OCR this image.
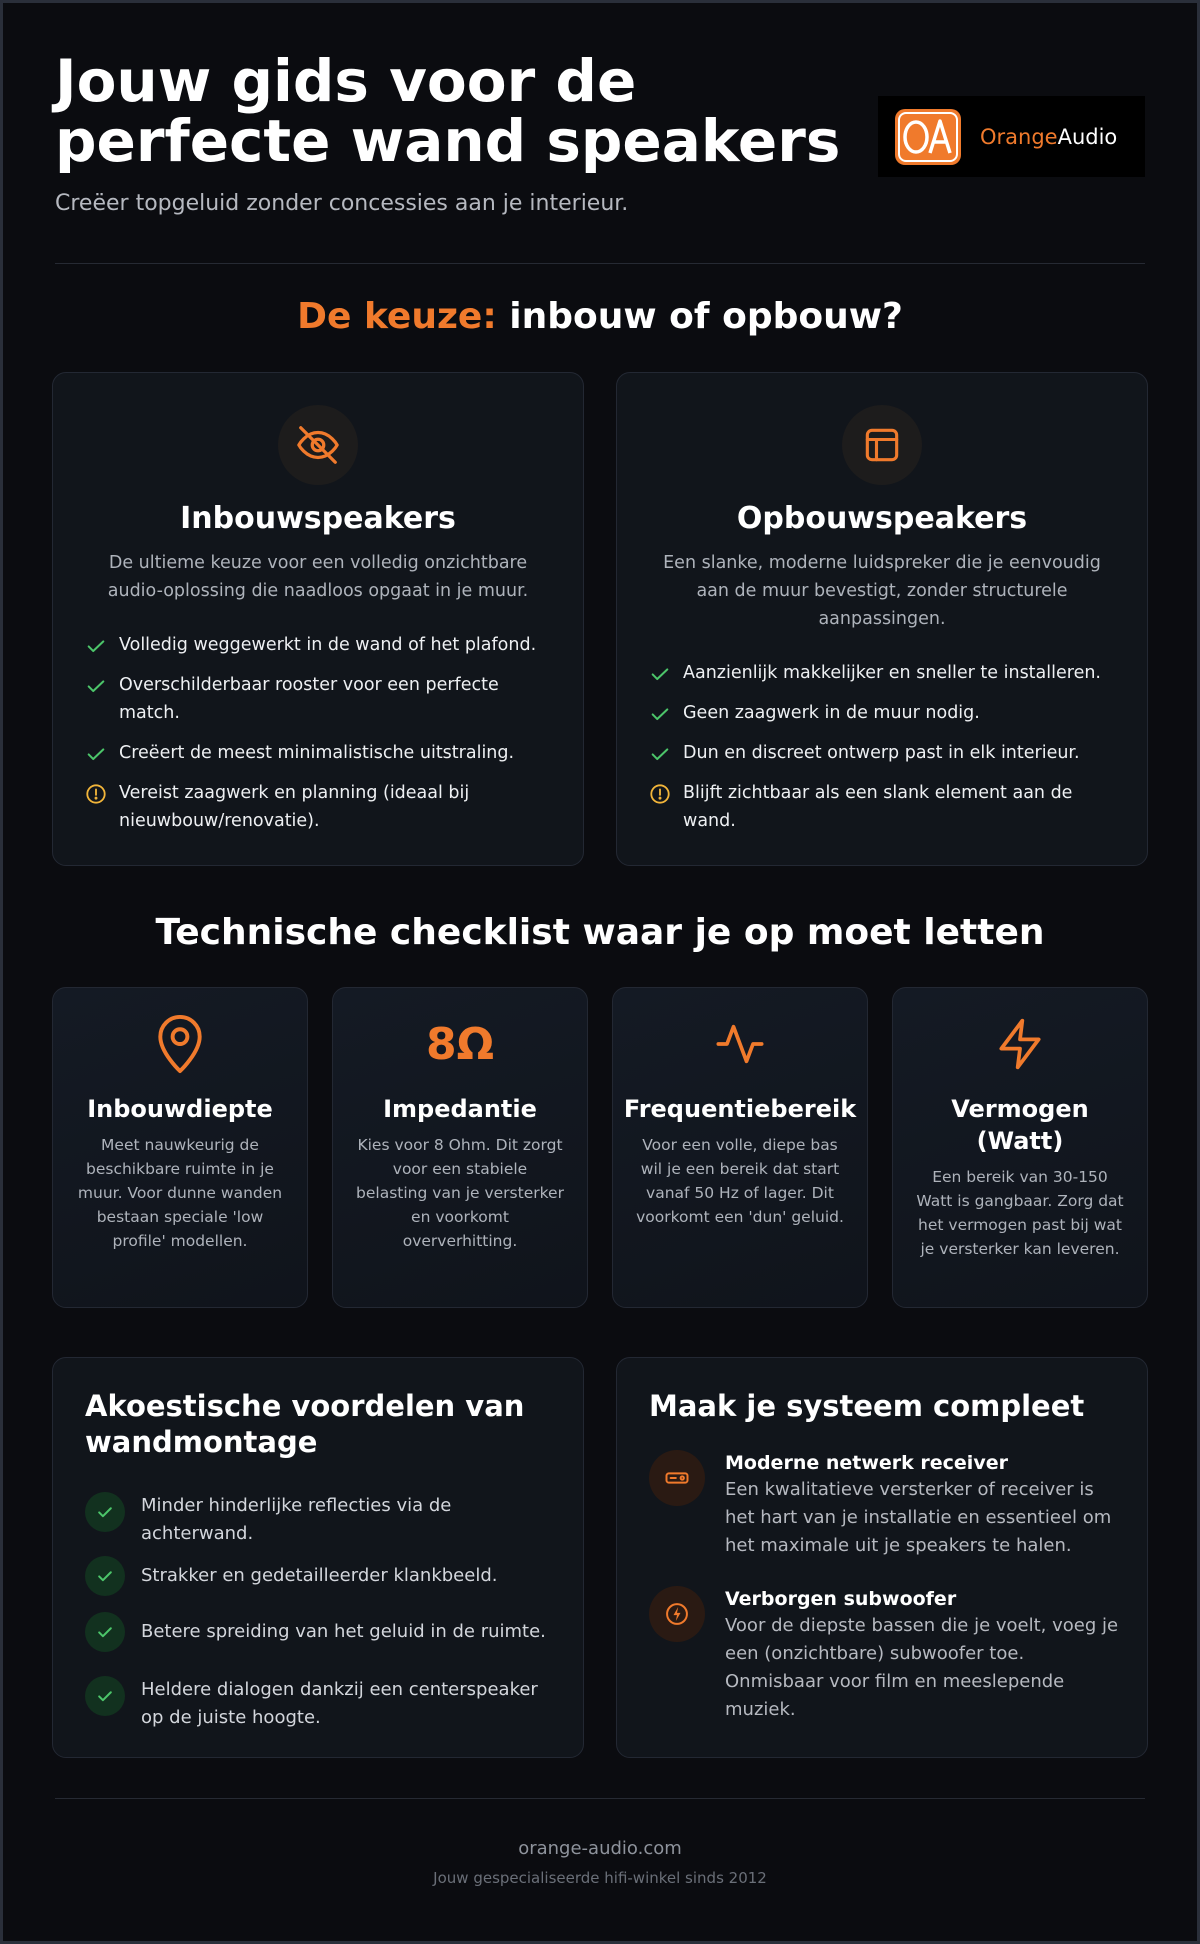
Jouw gids voor de
perfecte wand speakers
Creëer topgeluid zonder concessies aan je interieur.
OrangeAudio
De keuze: inbouw of opbouw?
Inbouwspeakers

De ultieme keuze voor een volledig onzichtbare audio-oplossing die naadloos opgaat in je muur.

Volledig weggewerkt in de wand of het plafond.
Overschilderbaar rooster voor een perfecte match.
Creëert de meest minimalistische uitstraling.
Vereist zaagwerk en planning (ideaal bij nieuwbouw/renovatie).
Opbouwspeakers

Een slanke, moderne luidspreker die je eenvoudig aan de muur bevestigt, zonder structurele aanpassingen.

Aanzienlijk makkelijker en sneller te installeren.
Geen zaagwerk in de muur nodig.
Dun en discreet ontwerp past in elk interieur.
Blijft zichtbaar als een slank element aan de wand.
Technische checklist waar je op moet letten
Inbouwdiepte

Meet nauwkeurig de beschikbare ruimte in je muur. Voor dunne wanden bestaan speciale 'low profile' modellen.

8Ω
Impedantie

Kies voor 8 Ohm. Dit zorgt voor een stabiele belasting van je versterker en voorkomt oververhitting.

Frequentiebereik

Voor een volle, diepe bas wil je een bereik dat start vanaf 50 Hz of lager. Dit voorkomt een 'dun' geluid.

Vermogen
(Watt)

Een bereik van 30-150 Watt is gangbaar. Zorg dat het vermogen past bij wat je versterker kan leveren.

Akoestische voordelen van wandmontage
Minder hinderlijke reflecties via de achterwand.
Strakker en gedetailleerder klankbeeld.
Betere spreiding van het geluid in de ruimte.
Heldere dialogen dankzij een centerspeaker op de juiste hoogte.
Maak je systeem compleet
Moderne netwerk receiver
Een kwalitatieve versterker of receiver is het hart van je installatie en essentieel om het maximale uit je speakers te halen.
Verborgen subwoofer
Voor de diepste bassen die je voelt, voeg je een (onzichtbare) subwoofer toe. Onmisbaar voor film en meeslepende muziek.
orange-audio.com
Jouw gespecialiseerde hifi-winkel sinds 2012
